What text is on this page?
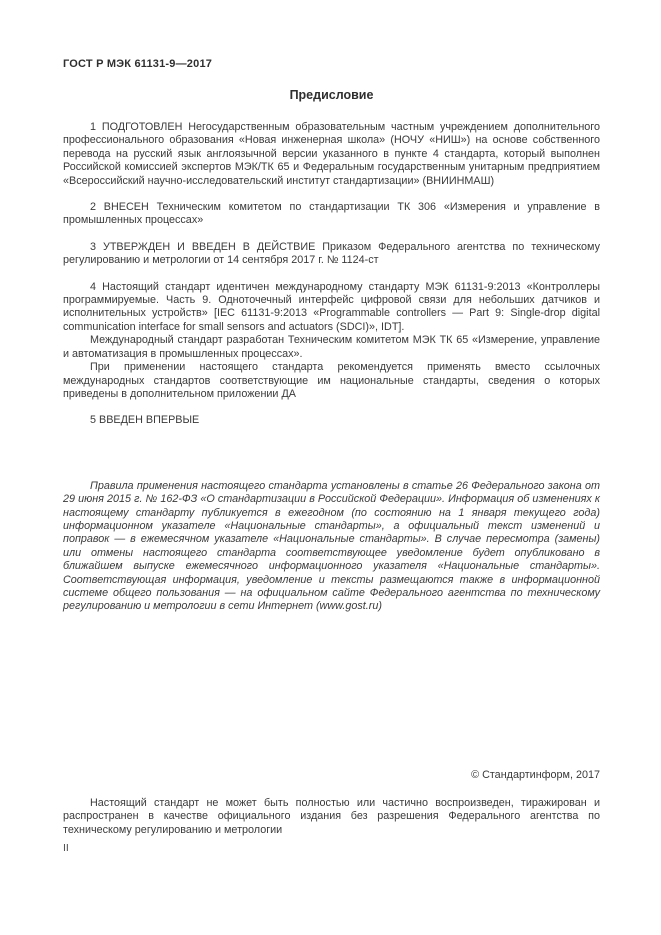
ГОСТ Р МЭК 61131-9—2017
Предисловие

1 ПОДГОТОВЛЕН Негосударственным образовательным частным учреждением дополнительного профессионального образования «Новая инженерная школа» (НОЧУ «НИШ») на основе собственного перевода на русский язык англоязычной версии указанного в пункте 4 стандарта, который выполнен Российской комиссией экспертов МЭК/ТК 65 и Федеральным государственным унитарным предприятием «Всероссийский научно-исследовательский институт стандартизации» (ВНИИНМАШ)

2 ВНЕСЕН Техническим комитетом по стандартизации ТК 306 «Измерения и управление в промышленных процессах»

3 УТВЕРЖДЕН И ВВЕДЕН В ДЕЙСТВИЕ Приказом Федерального агентства по техническому регулированию и метрологии от 14 сентября 2017 г. № 1124-ст

4 Настоящий стандарт идентичен международному стандарту МЭК 61131-9:2013 «Контроллеры программируемые. Часть 9. Одноточечный интерфейс цифровой связи для небольших датчиков и исполнительных устройств» [IEC 61131-9:2013 «Programmable controllers — Part 9: Single-drop digital communication interface for small sensors and actuators (SDCI)», IDT].

Международный стандарт разработан Техническим комитетом МЭК ТК 65 «Измерение, управление и автоматизация в промышленных процессах».

При применении настоящего стандарта рекомендуется применять вместо ссылочных международных стандартов соответствующие им национальные стандарты, сведения о которых приведены в дополнительном приложении ДА

5 ВВЕДЕН ВПЕРВЫЕ

Правила применения настоящего стандарта установлены в статье 26 Федерального закона от 29 июня 2015 г. № 162-ФЗ «О стандартизации в Российской Федерации». Информация об изменениях к настоящему стандарту публикуется в ежегодном (по состоянию на 1 января текущего года) информационном указателе «Национальные стандарты», а официальный текст изменений и поправок — в ежемесячном указателе «Национальные стандарты». В случае пересмотра (замены) или отмены настоящего стандарта соответствующее уведомление будет опубликовано в ближайшем выпуске ежемесячного информационного указателя «Национальные стандарты». Соответствующая информация, уведомление и тексты размещаются также в информационной системе общего пользования — на официальном сайте Федерального агентства по техническому регулированию и метрологии в сети Интернет (www.gost.ru)

© Стандартинформ, 2017

Настоящий стандарт не может быть полностью или частично воспроизведен, тиражирован и распространен в качестве официального издания без разрешения Федерального агентства по техническому регулированию и метрологии

II
